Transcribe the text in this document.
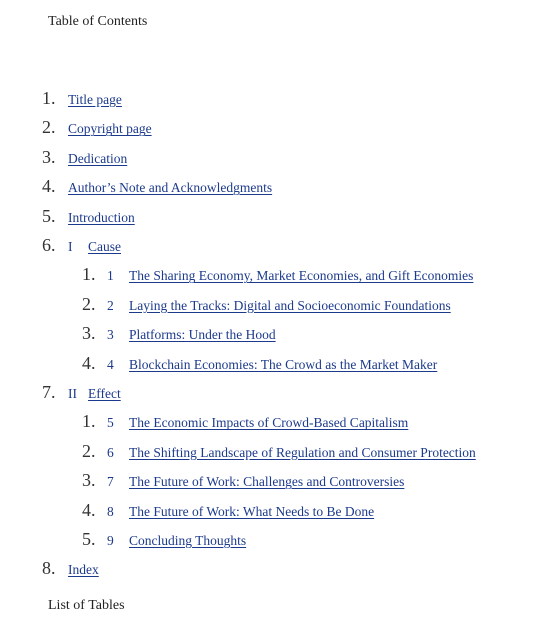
Table of Contents
1. Title page
2. Copyright page
3. Dedication
4. Author’s Note and Acknowledgments
5. Introduction
6. I Cause
1. 1 The Sharing Economy, Market Economies, and Gift Economies
2. 2 Laying the Tracks: Digital and Socioeconomic Foundations
3. 3 Platforms: Under the Hood
4. 4 Blockchain Economies: The Crowd as the Market Maker
7. II Effect
1. 5 The Economic Impacts of Crowd-Based Capitalism
2. 6 The Shifting Landscape of Regulation and Consumer Protection
3. 7 The Future of Work: Challenges and Controversies
4. 8 The Future of Work: What Needs to Be Done
5. 9 Concluding Thoughts
8. Index
List of Tables
